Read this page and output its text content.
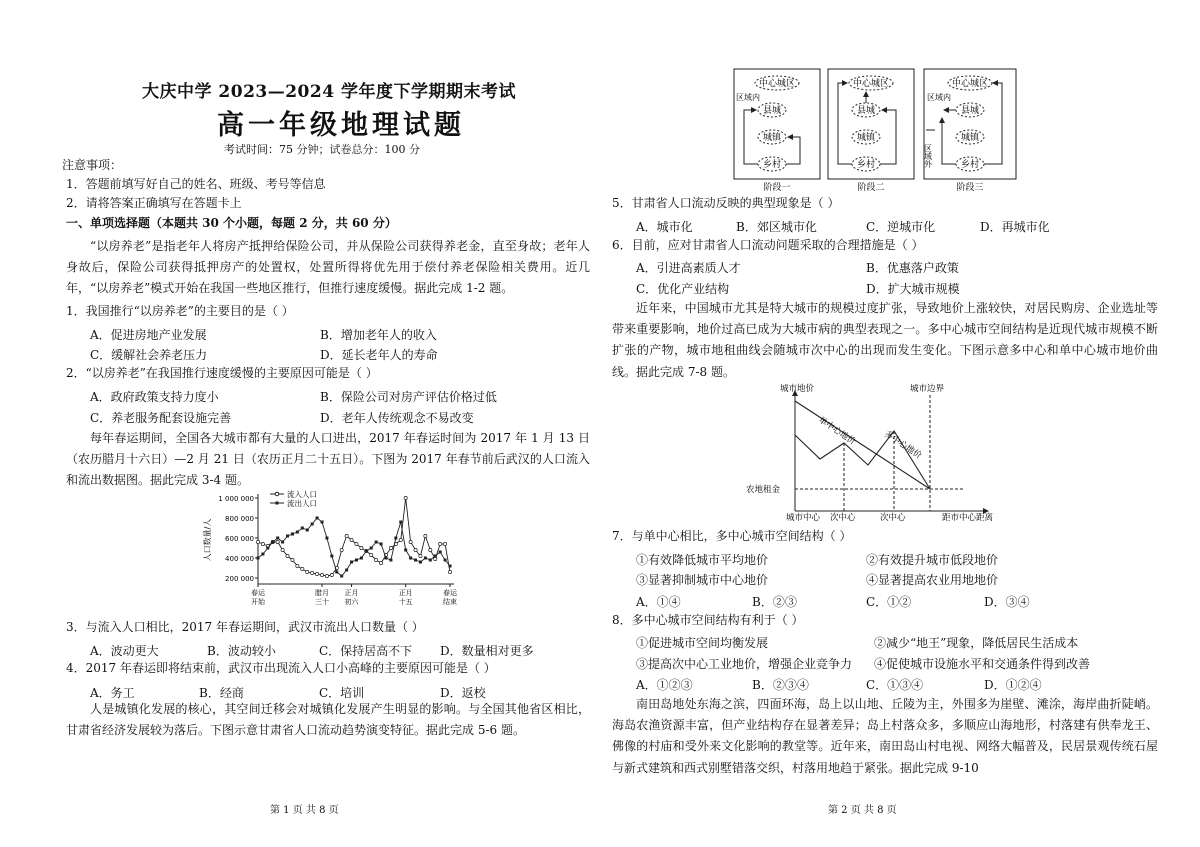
大庆中学 2023—2024 学年度下学期期末考试
高一年级地理试题
考试时间：75 分钟；试卷总分：100 分
注意事项：
1．答题前填写好自己的姓名、班级、考号等信息
2．请将答案正确填写在答题卡上
一、单项选择题（本题共 30 个小题，每题 2 分，共 60 分）
“以房养老”是指老年人将房产抵押给保险公司，并从保险公司获得养老金，直至身故；老年人身故后，保险公司获得抵押房产的处置权，处置所得将优先用于偿付养老保险相关费用。近几年，“以房养老”模式开始在我国一些地区推行，但推行速度缓慢。据此完成 1-2 题。
1．我国推行“以房养老”的主要目的是（ ）
A．促进房地产业发展	B．增加老年人的收入
C．缓解社会养老压力	D．延长老年人的寿命
2．“以房养老”在我国推行速度缓慢的主要原因可能是（ ）
A．政府政策支持力度小	B．保险公司对房产评估价格过低
C．养老服务配套设施完善	D．老年人传统观念不易改变
每年春运期间，全国各大城市都有大量的人口进出，2017 年春运时间为 2017 年 1 月 13 日（农历腊月十六日）—2 月 21 日（农历正月二十五日）。下图为 2017 年春节前后武汉的人口流入和流出数据图。据此完成 3-4 题。
1 000 000
800 000
600 000
400 000
200 000
人口数量/人
春运
开始
腊月
三十
正月
初六
正月
十五
春运
结束
流入人口
流出人口
3．与流入人口相比，2017 年春运期间，武汉市流出人口数量（ ）
A．波动更大	B．波动较小	C．保持居高不下 D．数量相对更多
4．2017 年春运即将结束前，武汉市出现流入人口小高峰的主要原因可能是（ ）
A．务工	B．经商	C．培训	D．返校
人是城镇化发展的核心，其空间迁移会对城镇化发展产生明显的影响。与全国其他省区相比，甘肃省经济发展较为落后。下图示意甘肃省人口流动趋势演变特征。据此完成 5-6 题。
第 1 页 共 8 页
中心城区
县城
城镇
乡村
区域内
阶段一
中心城区
县城
城镇
乡村
阶段二
中心城区
县城
城镇
乡村
区域内
区域外
阶段三
5．甘肃省人口流动反映的典型现象是（ ）
A．城市化	B．郊区城市化	C．逆城市化	D．再城市化
6．目前，应对甘肃省人口流动问题采取的合理措施是（ ）
A．引进高素质人才	B．优惠落户政策
C．优化产业结构	D．扩大城市规模
近年来，中国城市尤其是特大城市的规模过度扩张，导致地价上涨较快，对居民购房、企业选址等带来重要影响，地价过高已成为大城市病的典型表现之一。多中心城市空间结构是近现代城市规模不断扩张的产物，城市地租曲线会随城市次中心的出现而发生变化。下图示意多中心和单中心城市地价曲线。据此完成 7-8 题。
城市地价	城市边界
农地租金
单中心地价	多中心地价
城市中心 次中心	次中心	距市中心距离
7．与单中心相比，多中心城市空间结构（ ）
①有效降低城市平均地价	②有效提升城市低段地价
③显著抑制城市中心地价	④显著提高农业用地地价
A．①④	B．②③	C．①②	D．③④
8．多中心城市空间结构有利于（ ）
①促进城市空间均衡发展	②减少“地王”现象，降低居民生活成本
③提高次中心工业地价，增强企业竞争力 ④促使城市设施水平和交通条件得到改善
A．①②③	B．②③④	C．①③④	D．①②④
南田岛地处东海之滨，四面环海，岛上以山地、丘陵为主，外围多为崖壁、滩涂，海岸曲折陡峭。海岛农渔资源丰富，但产业结构存在显著差异；岛上村落众多，多顺应山海地形，村落建有供奉龙王、佛像的村庙和受外来文化影响的教堂等。近年来，南田岛山村电视、网络大幅普及，民居景观传统石屋与新式建筑和西式别墅错落交织，村落用地趋于紧张。据此完成 9-10
第 2 页 共 8 页
